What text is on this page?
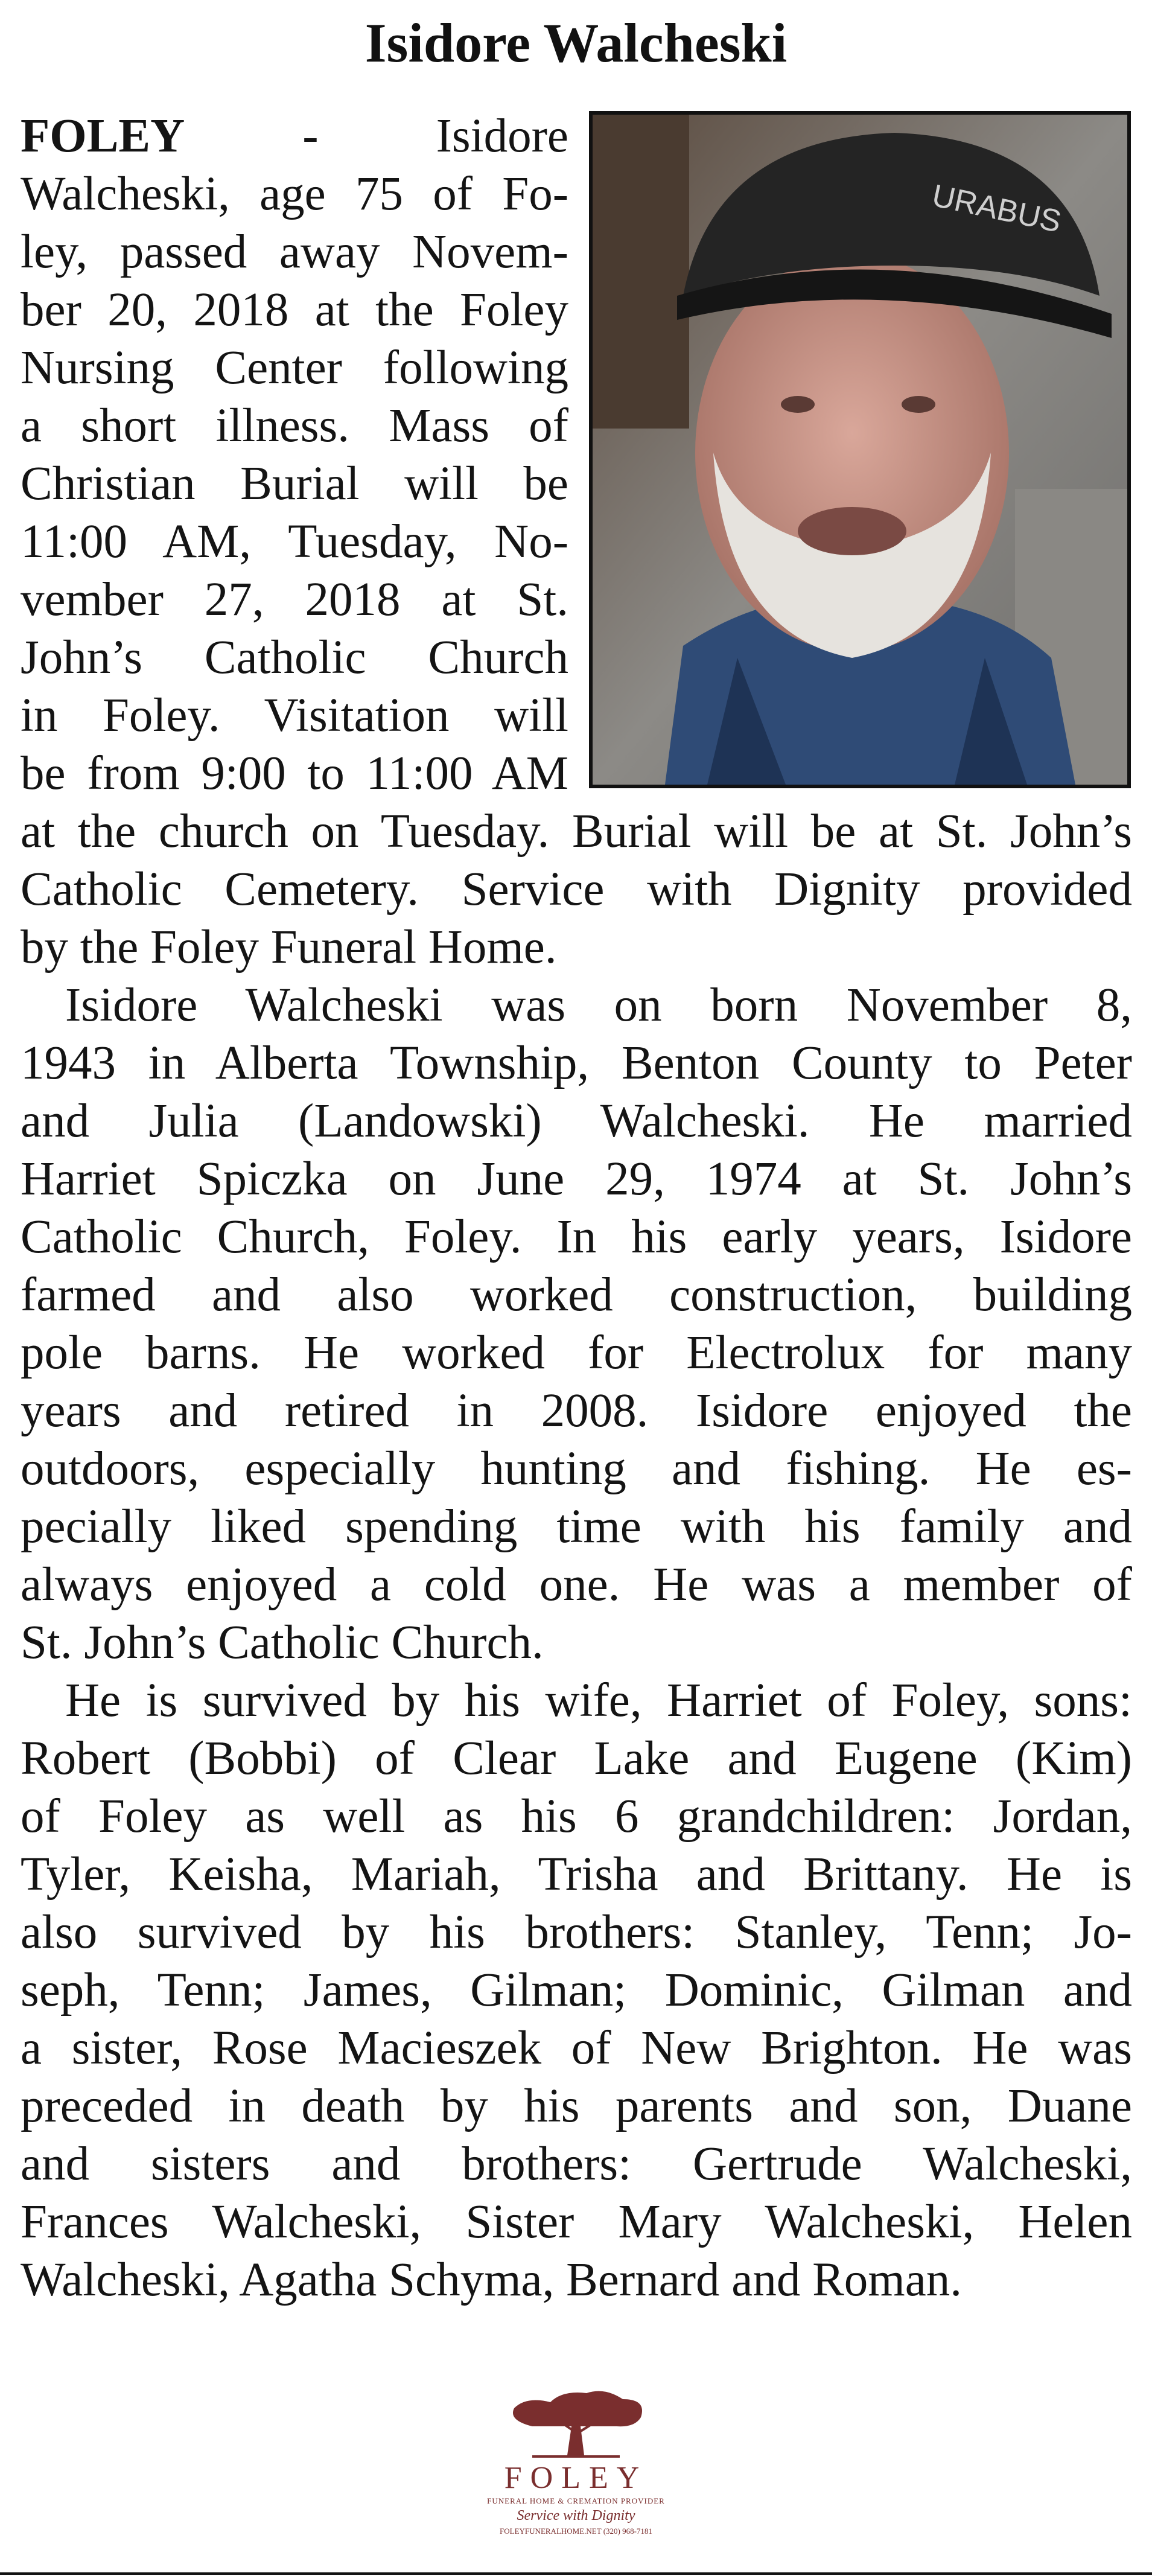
Isidore Walcheski
URABUS
FOLEY - Isidore
Walcheski, age 75 of Fo-
ley, passed away Novem-
ber 20, 2018 at the Foley
Nursing Center following
a short illness. Mass of
Christian Burial will be
11:00 AM, Tuesday, No-
vember 27, 2018 at St.
John’s Catholic Church
in Foley. Visitation will
be from 9:00 to 11:00 AM
at the church on Tuesday. Burial will be at St. John’s
Catholic Cemetery. Service with Dignity provided
by the Foley Funeral Home.
Isidore Walcheski was on born November 8,
1943 in Alberta Township, Benton County to Peter
and Julia (Landowski) Walcheski. He married
Harriet Spiczka on June 29, 1974 at St. John’s
Catholic Church, Foley. In his early years, Isidore
farmed and also worked construction, building
pole barns. He worked for Electrolux for many
years and retired in 2008. Isidore enjoyed the
outdoors, especially hunting and fishing. He es-
pecially liked spending time with his family and
always enjoyed a cold one. He was a member of
St. John’s Catholic Church.
He is survived by his wife, Harriet of Foley, sons:
Robert (Bobbi) of Clear Lake and Eugene (Kim)
of Foley as well as his 6 grandchildren: Jordan,
Tyler, Keisha, Mariah, Trisha and Brittany. He is
also survived by his brothers: Stanley, Tenn; Jo-
seph, Tenn; James, Gilman; Dominic, Gilman and
a sister, Rose Macieszek of New Brighton. He was
preceded in death by his parents and son, Duane
and sisters and brothers: Gertrude Walcheski,
Frances Walcheski, Sister Mary Walcheski, Helen
Walcheski, Agatha Schyma, Bernard and Roman.
FOLEY
FUNERAL HOME & CREMATION PROVIDER
Service with Dignity
FOLEYFUNERALHOME.NET (320) 968-7181
